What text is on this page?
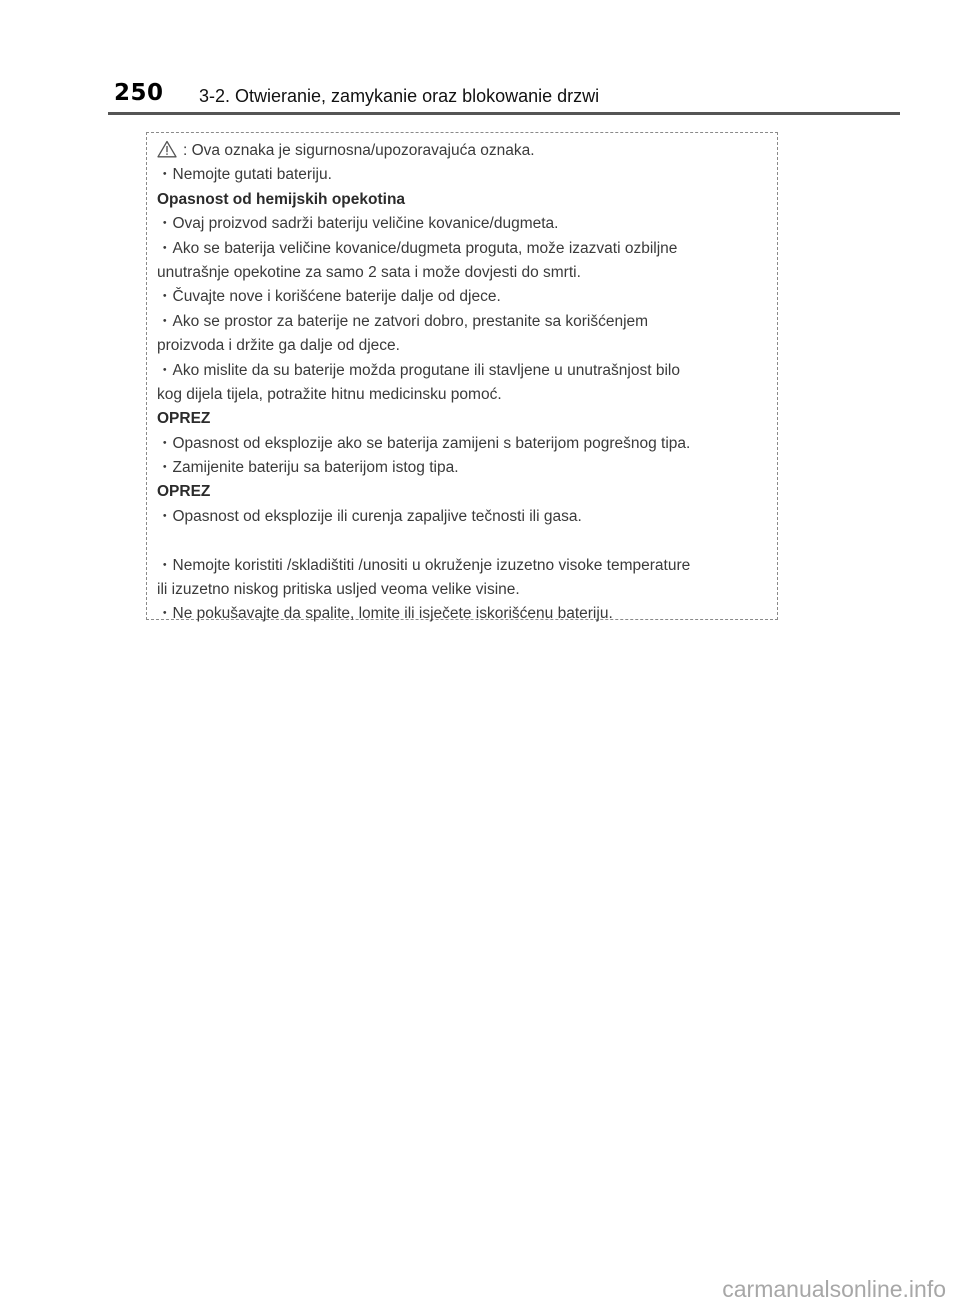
250 3-2. Otwieranie, zamykanie oraz blokowanie drzwi
: Ova oznaka je sigurnosna/upozoravajuća oznaka.
・Nemojte gutati bateriju.
Opasnost od hemijskih opekotina
・Ovaj proizvod sadrži bateriju veličine kovanice/dugmeta.
・Ako se baterija veličine kovanice/dugmeta proguta, može izazvati ozbiljne
unutrašnje opekotine za samo 2 sata i može dovjesti do smrti.
・Čuvajte nove i korišćene baterije dalje od djece.
・Ako se prostor za baterije ne zatvori dobro, prestanite sa korišćenjem
proizvoda i držite ga dalje od djece.
・Ako mislite da su baterije možda progutane ili stavljene u unutrašnjost bilo
kog dijela tijela, potražite hitnu medicinsku pomoć.
OPREZ
・Opasnost od eksplozije ako se baterija zamijeni s baterijom pogrešnog tipa.
・Zamijenite bateriju sa baterijom istog tipa.
OPREZ
・Opasnost od eksplozije ili curenja zapaljive tečnosti ili gasa.
・Nemojte koristiti /skladištiti /unositi u okruženje izuzetno visoke temperature
ili izuzetno niskog pritiska usljed veoma velike visine.
・Ne pokušavajte da spalite, lomite ili isječete iskorišćenu bateriju.
carmanualsonline.info
